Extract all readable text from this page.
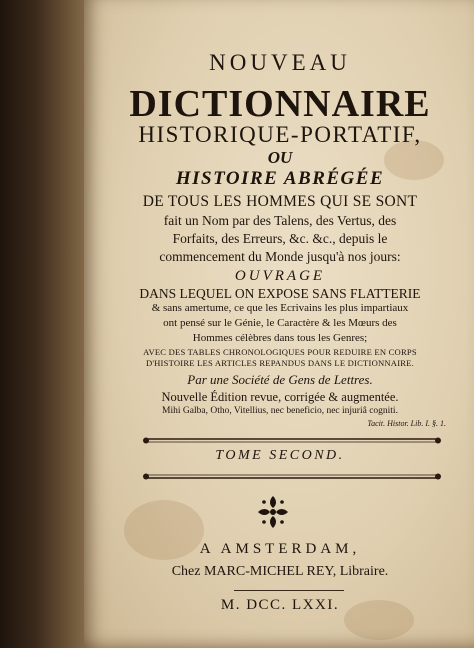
NOUVEAU
DICTIONNAIRE
HISTORIQUE-PORTATIF,
OU
HISTOIRE ABRÉGÉE
DE TOUS LES HOMMES QUI SE SONT
fait un Nom par des Talens, des Vertus, des
Forfaits, des Erreurs, &c. &c., depuis le
commencement du Monde jusqu'à nos jours:
OUVRAGE
DANS LEQUEL ON EXPOSE SANS FLATTERIE
& sans amertume, ce que les Ecrivains les plus impartiaux
ont pensé sur le Génie, le Caractère & les Mœurs des
Hommes célèbres dans tous les Genres;
AVEC DES TABLES CHRONOLOGIQUES POUR REDUIRE EN CORPS
D'HISTOIRE LES ARTICLES REPANDUS DANS LE DICTIONNAIRE.
Par une Société de Gens de Lettres.
Nouvelle Édition revue, corrigée & augmentée.
Mihi Galba, Otho, Vitellius, nec beneficio, nec injuriâ cogniti.
Tacit. Histor. Lib. I. §. 1.
TOME SECOND.
A AMSTERDAM,
Chez MARC-MICHEL REY, Libraire.
M. DCC. LXXI.
